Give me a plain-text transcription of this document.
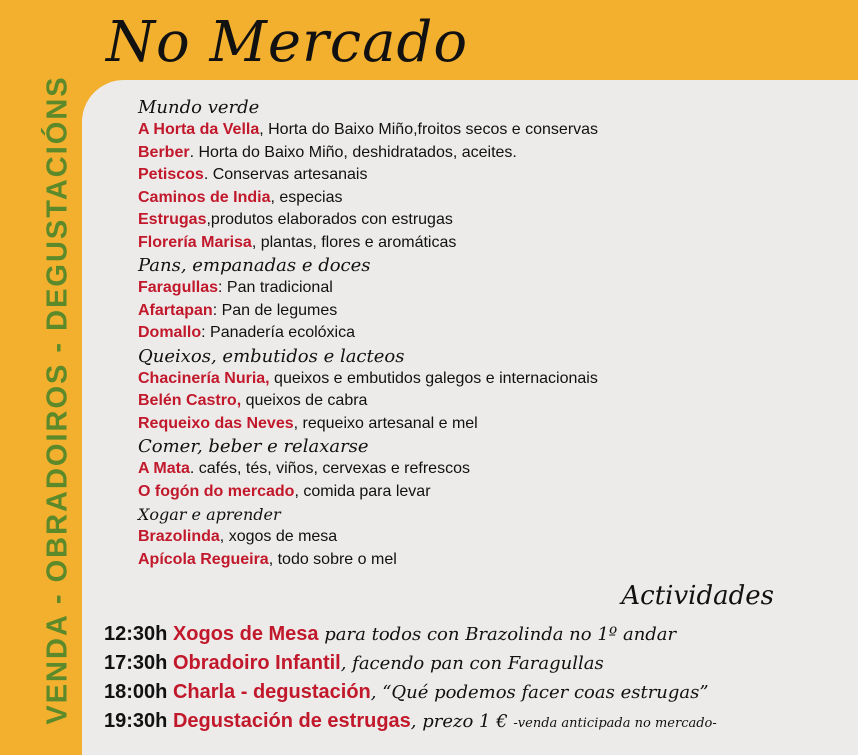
No Mercado
VENDA - OBRADOIROS - DEGUSTACIÓNS	Mundo verde
A Horta da Vella, Horta do Baixo Miño,froitos secos e conservas
Berber. Horta do Baixo Miño, deshidratados, aceites.
Petiscos. Conservas artesanais
Caminos de India, especias
Estrugas,produtos elaborados con estrugas
Florería Marisa, plantas, flores e aromáticas
Pans, empanadas e doces
Faragullas: Pan tradicional
Afartapan: Pan de legumes
Domallo: Panadería ecolóxica
Queixos, embutidos e lacteos
Chacinería Nuria, queixos e embutidos galegos e internacionais
Belén Castro, queixos de cabra
Requeixo das Neves, requeixo artesanal e mel
Comer, beber e relaxarse
A Mata. cafés, tés, viños, cervexas e refrescos
O fogón do mercado, comida para levar
Xogar e aprender
Brazolinda, xogos de mesa
Apícola Regueira, todo sobre o mel
Actividades
12:30h Xogos de Mesa para todos con Brazolinda no 1º andar
17:30h Obradoiro Infantil, facendo pan con Faragullas
18:00h Charla - degustación, “Qué podemos facer coas estrugas”
19:30h Degustación de estrugas, prezo 1 € -venda anticipada no mercado-
